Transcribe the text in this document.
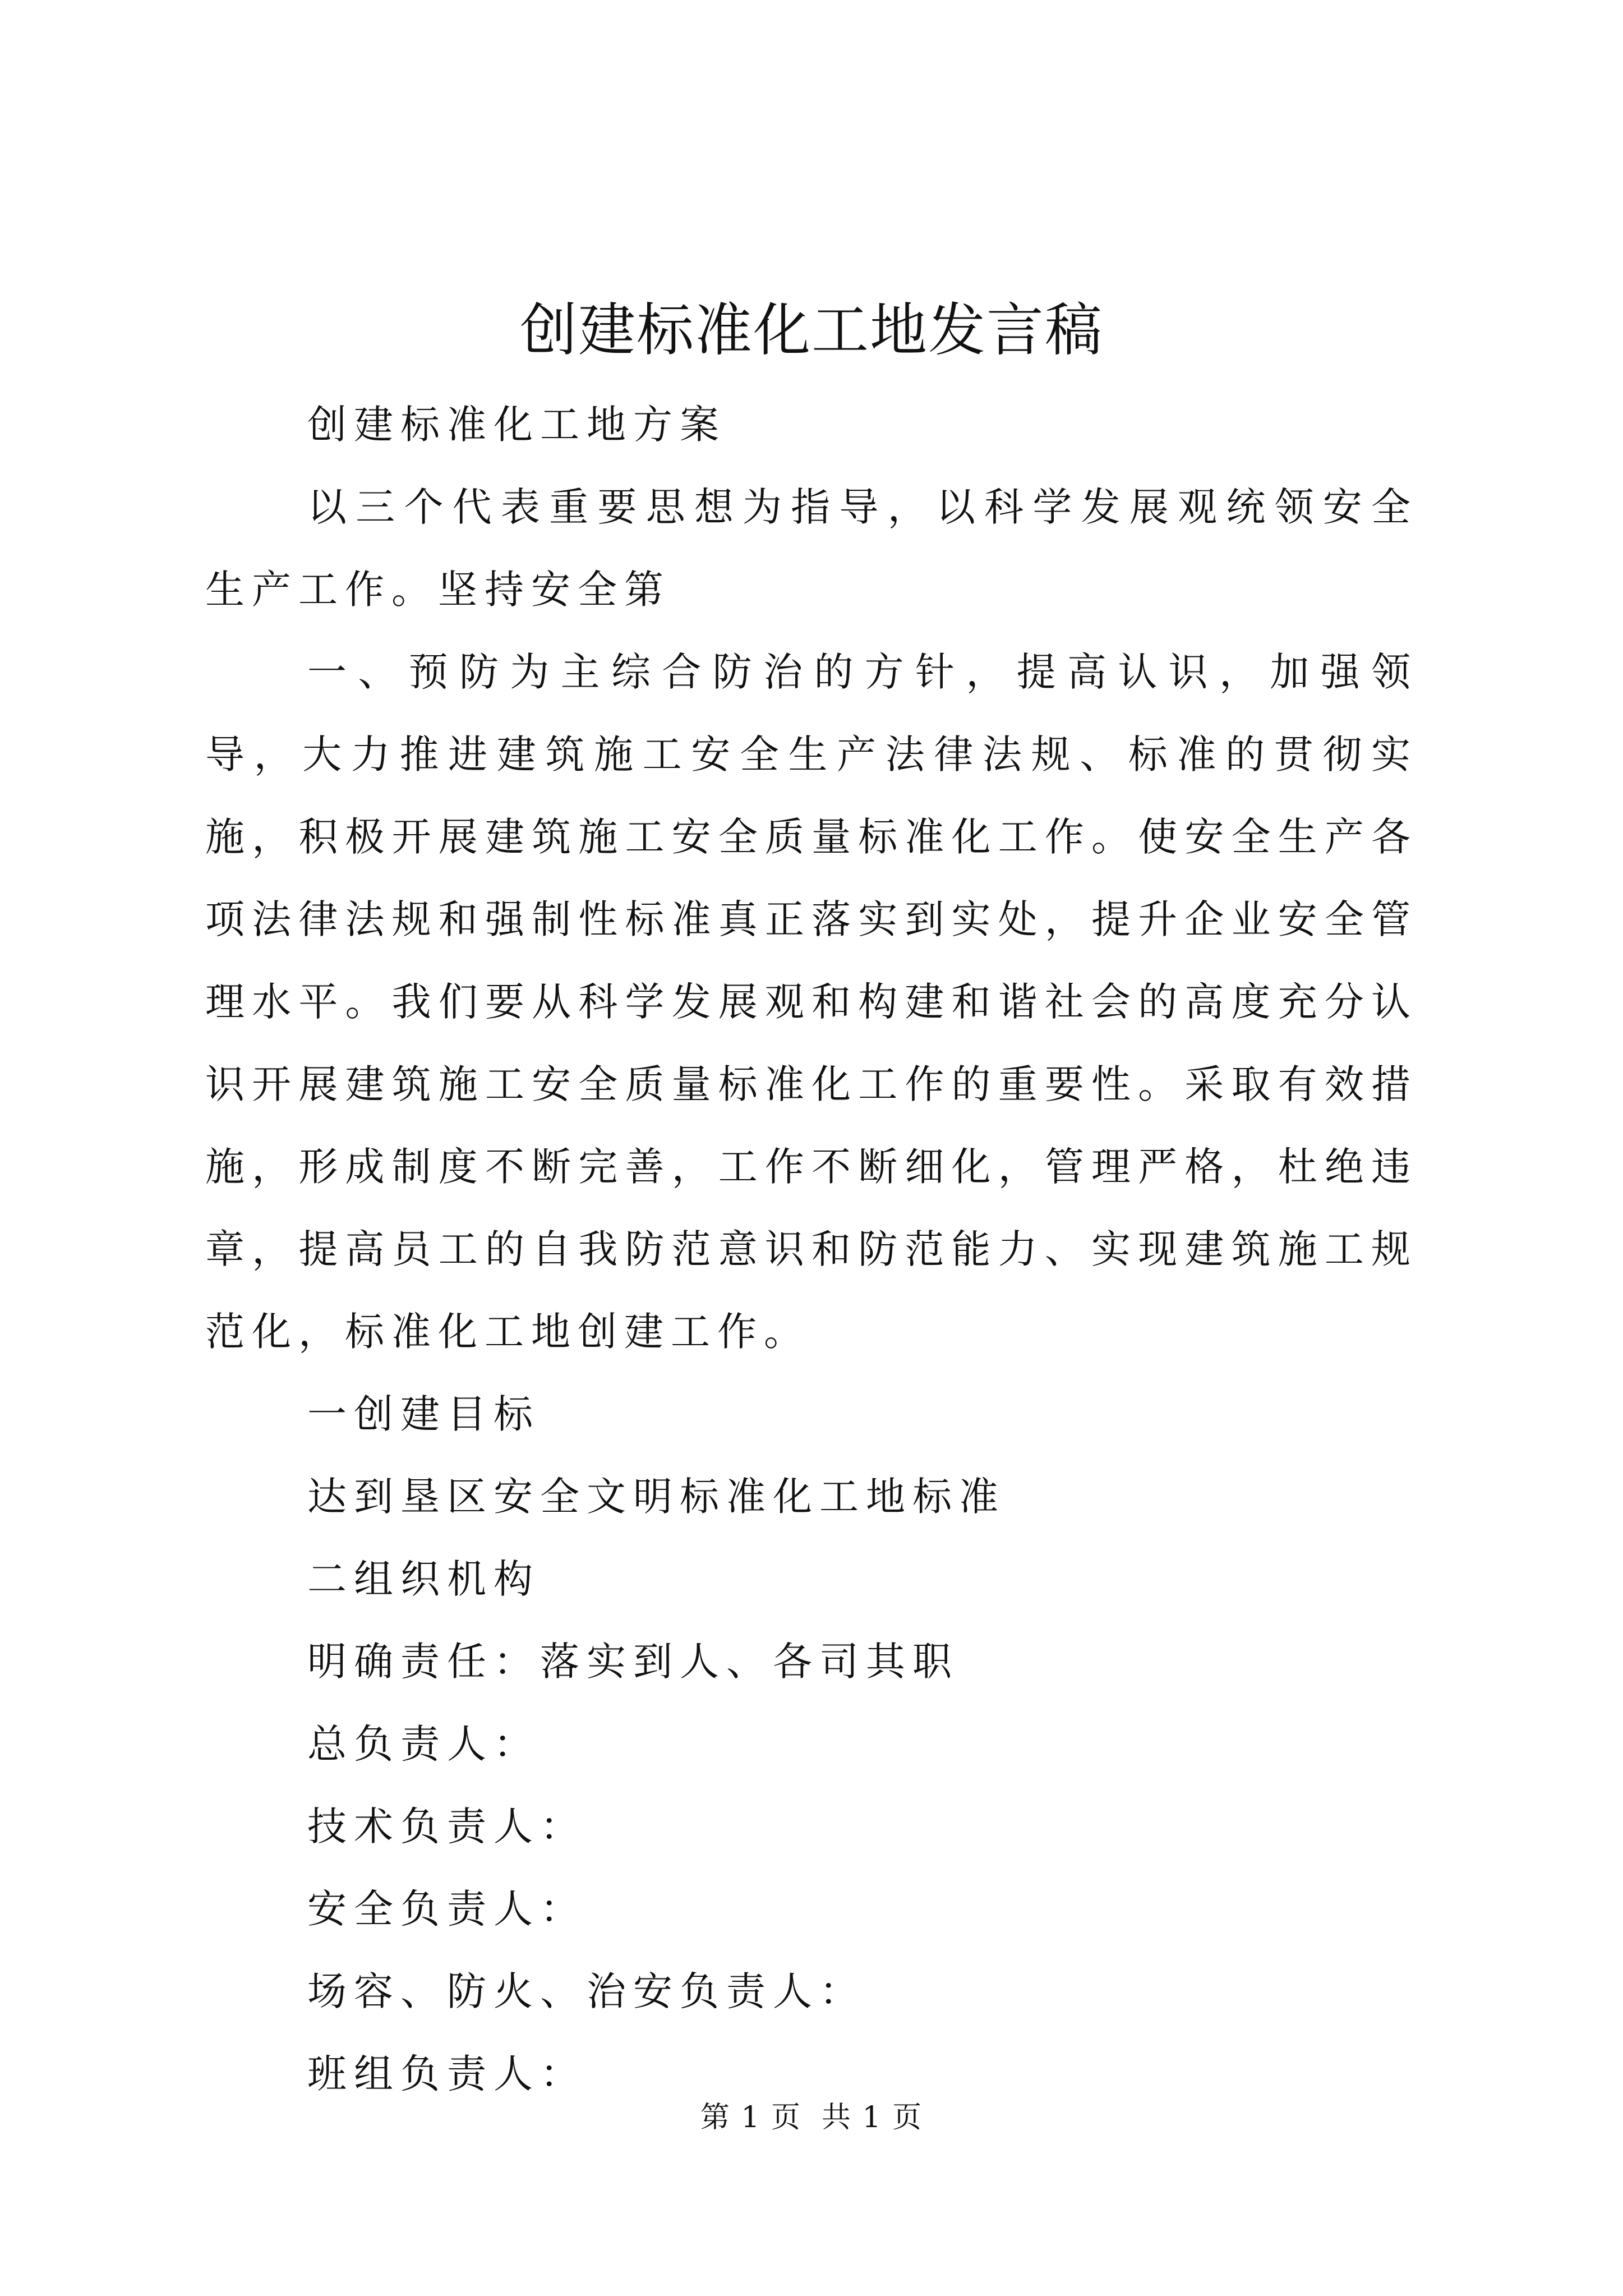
创建标准化工地发言稿

创建标准化工地方案

以三个代表重要思想为指导，以科学发展观统领安全生产工作。坚持安全第

一、预防为主综合防治的方针，提高认识，加强领导，大力推进建筑施工安全生产法律法规、标准的贯彻实施，积极开展建筑施工安全质量标准化工作。使安全生产各项法律法规和强制性标准真正落实到实处，提升企业安全管理水平。我们要从科学发展观和构建和谐社会的高度充分认识开展建筑施工安全质量标准化工作的重要性。采取有效措施，形成制度不断完善，工作不断细化，管理严格，杜绝违章，提高员工的自我防范意识和防范能力、实现建筑施工规范化，标准化工地创建工作。

一创建目标

达到垦区安全文明标准化工地标准

二组织机构

明确责任：落实到人、各司其职

总负责人：

技术负责人：

安全负责人：

场容、防火、治安负责人：

班组负责人：

第 1 页 共 1 页
